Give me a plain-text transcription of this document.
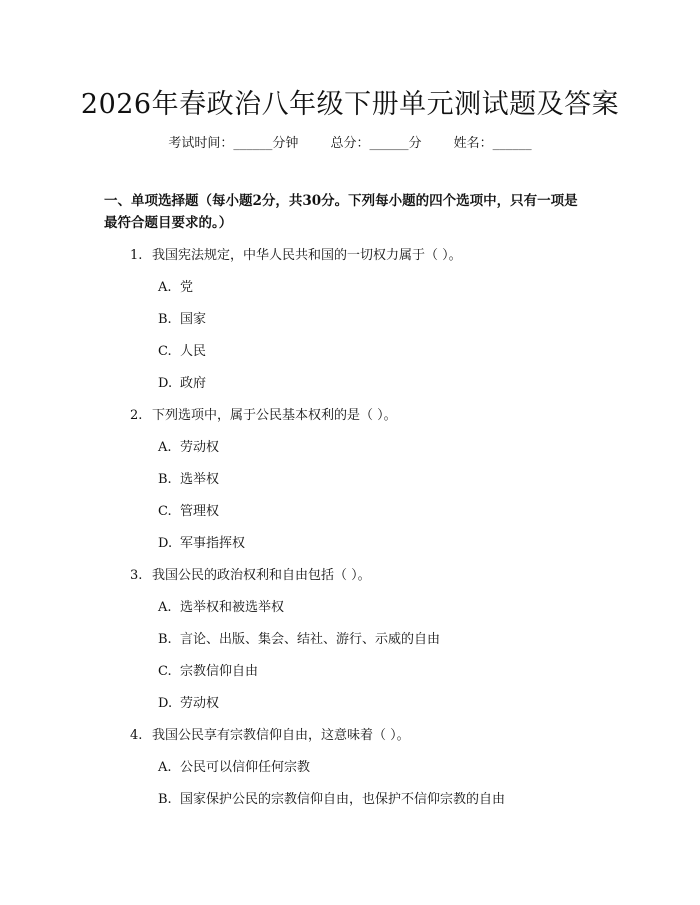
2026年春政治八年级下册单元测试题及答案
考试时间：______分钟 总分：______分 姓名：______
一、单项选择题（每小题2分，共30分。下列每小题的四个选项中，只有一项是
最符合题目要求的。）
1. 我国宪法规定，中华人民共和国的一切权力属于（ ）。
A. 党
B. 国家
C. 人民
D. 政府
2. 下列选项中，属于公民基本权利的是（ ）。
A. 劳动权
B. 选举权
C. 管理权
D. 军事指挥权
3. 我国公民的政治权利和自由包括（ ）。
A. 选举权和被选举权
B. 言论、出版、集会、结社、游行、示威的自由
C. 宗教信仰自由
D. 劳动权
4. 我国公民享有宗教信仰自由，这意味着（ ）。
A. 公民可以信仰任何宗教
B. 国家保护公民的宗教信仰自由，也保护不信仰宗教的自由
